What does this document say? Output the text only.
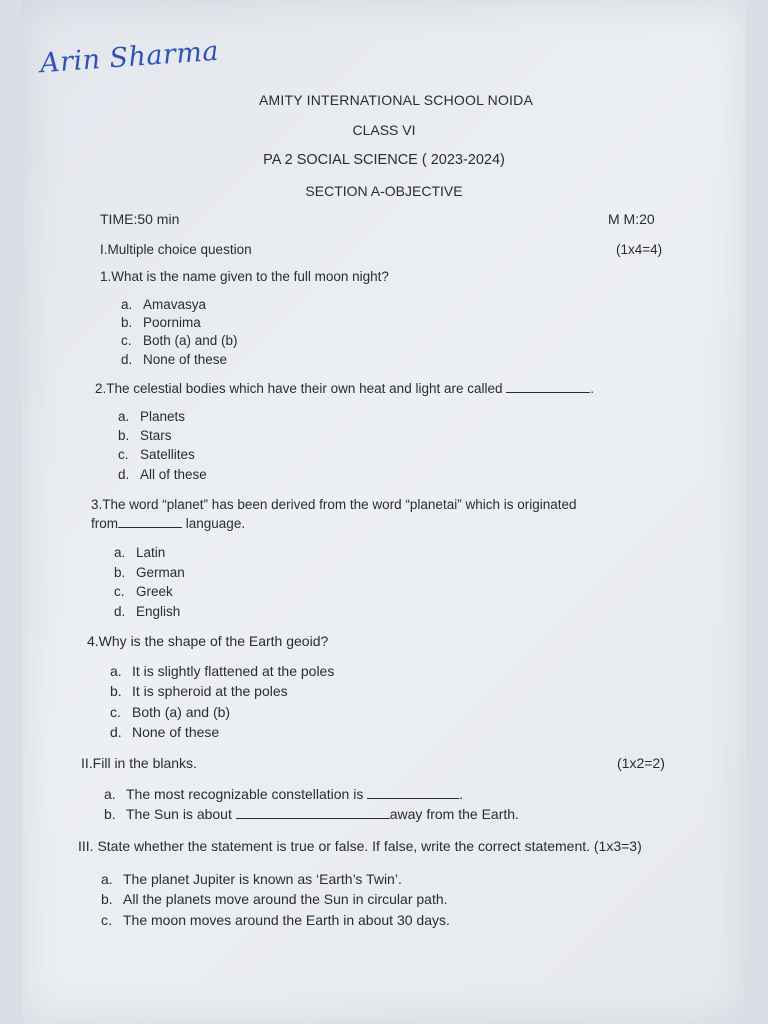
Arin Sharma
AMITY INTERNATIONAL SCHOOL NOIDA
CLASS VI
PA 2 SOCIAL SCIENCE ( 2023-2024)
SECTION A-OBJECTIVE
TIME:50 min	M M:20
I.Multiple choice question	(1x4=4)
1.What is the name given to the full moon night?
a. Amavasya
b. Poornima
c. Both (a) and (b)
d. None of these
2.The celestial bodies which have their own heat and light are called	.
a. Planets
b. Stars
c. Satellites
d. All of these
3.The word “planet” has been derived from the word “planetai” which is originated
from	language.
a. Latin
b. German
c. Greek
d. English
4.Why is the shape of the Earth geoid?
a. It is slightly flattened at the poles
b. It is spheroid at the poles
c. Both (a) and (b)
d. None of these
II.Fill in the blanks.	(1x2=2)
a. The most recognizable constellation is	.
b. The Sun is about	away from the Earth.
III. State whether the statement is true or false. If false, write the correct statement. (1x3=3)
a. The planet Jupiter is known as ‘Earth’s Twin’.
b. All the planets move around the Sun in circular path.
c. The moon moves around the Earth in about 30 days.
